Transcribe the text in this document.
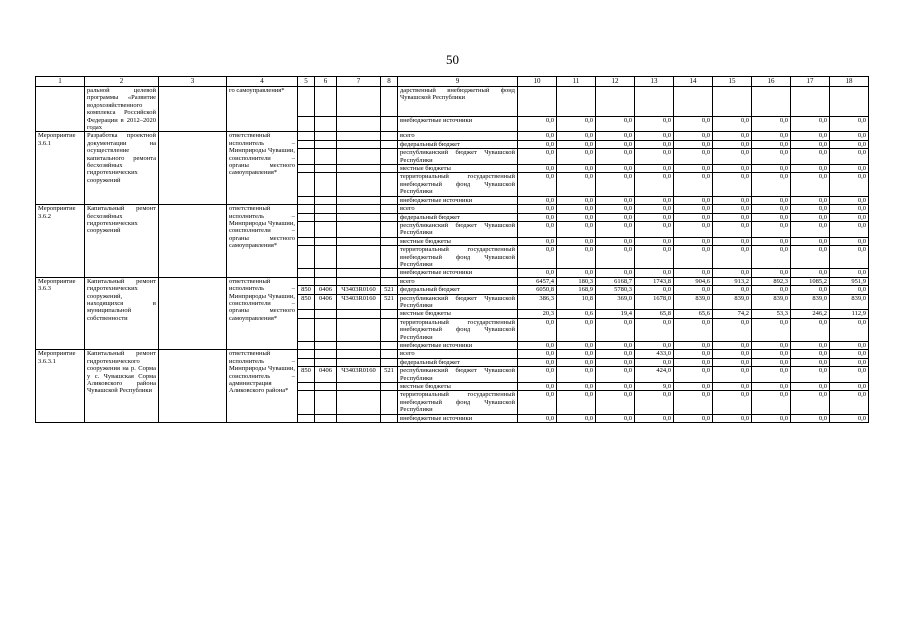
50
1	2	3	4	5	6	7	8	9	10	11	12	13	14	15	16	17	18
	ральной целевой программы «Развитие водохозяйственного комплекса Российской Федерации в 2012–2020 годах		го самоуправления*					дарственный внебюджетный фонд Чувашской Республики									
								внебюджетные источники	0,0	0,0	0,0	0,0	0,0	0,0	0,0	0,0	0,0
Мероприятие 3.6.1	Разработка проектной документации на осуществление капитального ремонта бесхозяйных гидротехнических сооружений		ответственный исполнитель – Минприроды Чувашии, соисполнители – органы местного самоуправления*					всего	0,0	0,0	0,0	0,0	0,0	0,0	0,0	0,0	0,0
								федеральный бюджет	0,0	0,0	0,0	0,0	0,0	0,0	0,0	0,0	0,0
								республиканский бюджет Чувашской Республики	0,0	0,0	0,0	0,0	0,0	0,0	0,0	0,0	0,0
								местные бюджеты	0,0	0,0	0,0	0,0	0,0	0,0	0,0	0,0	0,0
								территориальный государственный внебюджетный фонд Чувашской Республики	0,0	0,0	0,0	0,0	0,0	0,0	0,0	0,0	0,0
								внебюджетные источники	0,0	0,0	0,0	0,0	0,0	0,0	0,0	0,0	0,0
Мероприятие 3.6.2	Капитальный ремонт бесхозяйных гидротехнических сооружений		ответственный исполнитель – Минприроды Чувашии, соисполнители – органы местного самоуправления*					всего	0,0	0,0	0,0	0,0	0,0	0,0	0,0	0,0	0,0
								федеральный бюджет	0,0	0,0	0,0	0,0	0,0	0,0	0,0	0,0	0,0
								республиканский бюджет Чувашской Республики	0,0	0,0	0,0	0,0	0,0	0,0	0,0	0,0	0,0
								местные бюджеты	0,0	0,0	0,0	0,0	0,0	0,0	0,0	0,0	0,0
								территориальный государственный внебюджетный фонд Чувашской Республики	0,0	0,0	0,0	0,0	0,0	0,0	0,0	0,0	0,0
								внебюджетные источники	0,0	0,0	0,0	0,0	0,0	0,0	0,0	0,0	0,0
Мероприятие 3.6.3	Капитальный ремонт гидротехнических сооружений, находящихся в муниципальной собственности		ответственный исполнитель – Минприроды Чувашии, соисполнители – органы местного самоуправления*					всего	6457,4	180,3	6168,7	1743,8	904,6	913,2	892,3	1085,2	951,9
				850	0406	Ч3403R0160	521	федеральный бюджет	6050,8	168,9	5780,3	0,0	0,0	0,0	0,0	0,0	0,0
				850	0406	Ч3403R0160	521	республиканский бюджет Чувашской Республики	386,3	10,8	369,0	1678,0	839,0	839,0	839,0	839,0	839,0
								местные бюджеты	20,3	0,6	19,4	65,8	65,6	74,2	53,3	246,2	112,9
								территориальный государственный внебюджетный фонд Чувашской Республики	0,0	0,0	0,0	0,0	0,0	0,0	0,0	0,0	0,0
								внебюджетные источники	0,0	0,0	0,0	0,0	0,0	0,0	0,0	0,0	0,0
Мероприятие 3.6.3.1	Капитальный ремонт гидротехнического сооружения на р. Сорма у с. Чувашская Сорма Аликовского района Чувашской Республики		ответственный исполнитель – Минприроды Чувашии, соисполнитель – администрация Аликовского района*					всего	0,0	0,0	0,0	433,0	0,0	0,0	0,0	0,0	0,0
								федеральный бюджет	0,0	0,0	0,0	0,0	0,0	0,0	0,0	0,0	0,0
				850	0406	Ч3403R0160	521	республиканский бюджет Чувашской Республики	0,0	0,0	0,0	424,0	0,0	0,0	0,0	0,0	0,0
								местные бюджеты	0,0	0,0	0,0	9,0	0,0	0,0	0,0	0,0	0,0
								территориальный государственный внебюджетный фонд Чувашской Республики	0,0	0,0	0,0	0,0	0,0	0,0	0,0	0,0	0,0
								внебюджетные источники	0,0	0,0	0,0	0,0	0,0	0,0	0,0	0,0	0,0
